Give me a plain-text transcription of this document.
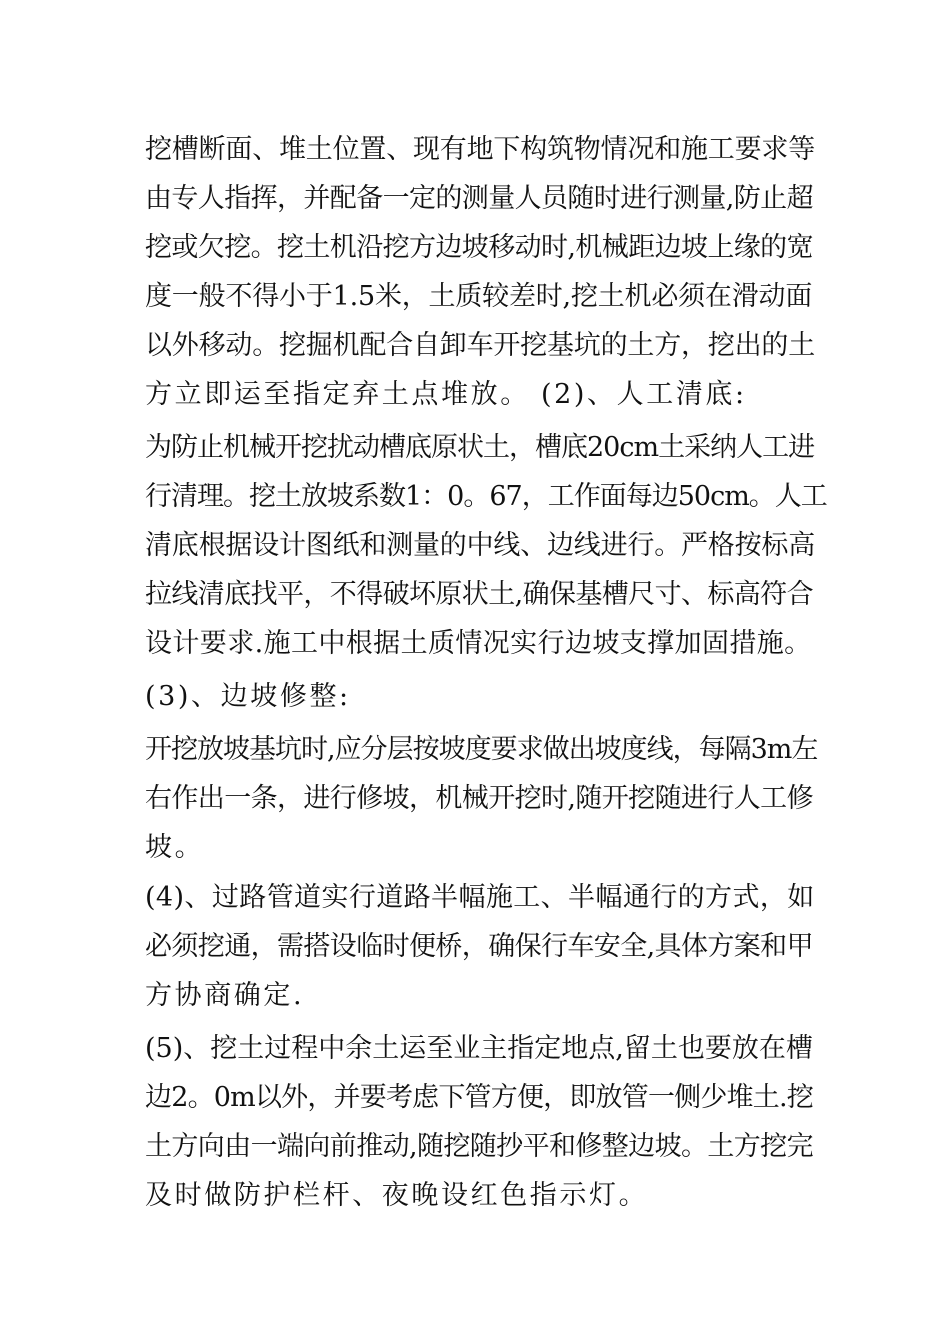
挖槽断面、堆土位置、现有地下构筑物情况和施工要求等
由专人指挥，并配备一定的测量人员随时进行测量,防止超
挖或欠挖。挖土机沿挖方边坡移动时,机械距边坡上缘的宽
度一般不得小于1.5米，土质较差时,挖土机必须在滑动面
以外移动。挖掘机配合自卸车开挖基坑的土方，挖出的土
方立即运至指定弃土点堆放。 (2)、人工清底:
为防止机械开挖扰动槽底原状土，槽底20cm土采纳人工进
行清理。挖土放坡系数1：0。67，工作面每边50cm。人工
清底根据设计图纸和测量的中线、边线进行。严格按标高
拉线清底找平，不得破坏原状土,确保基槽尺寸、标高符合
设计要求.施工中根据土质情况实行边坡支撑加固措施。
(3)、边坡修整:
开挖放坡基坑时,应分层按坡度要求做出坡度线，每隔3m左
右作出一条，进行修坡，机械开挖时,随开挖随进行人工修
坡。
(4)、过路管道实行道路半幅施工、半幅通行的方式，如
必须挖通，需搭设临时便桥，确保行车安全,具体方案和甲
方协商确定.
(5)、挖土过程中余土运至业主指定地点,留土也要放在槽
边2。0m以外，并要考虑下管方便，即放管一侧少堆土.挖
土方向由一端向前推动,随挖随抄平和修整边坡。土方挖完
及时做防护栏杆、夜晚设红色指示灯。
